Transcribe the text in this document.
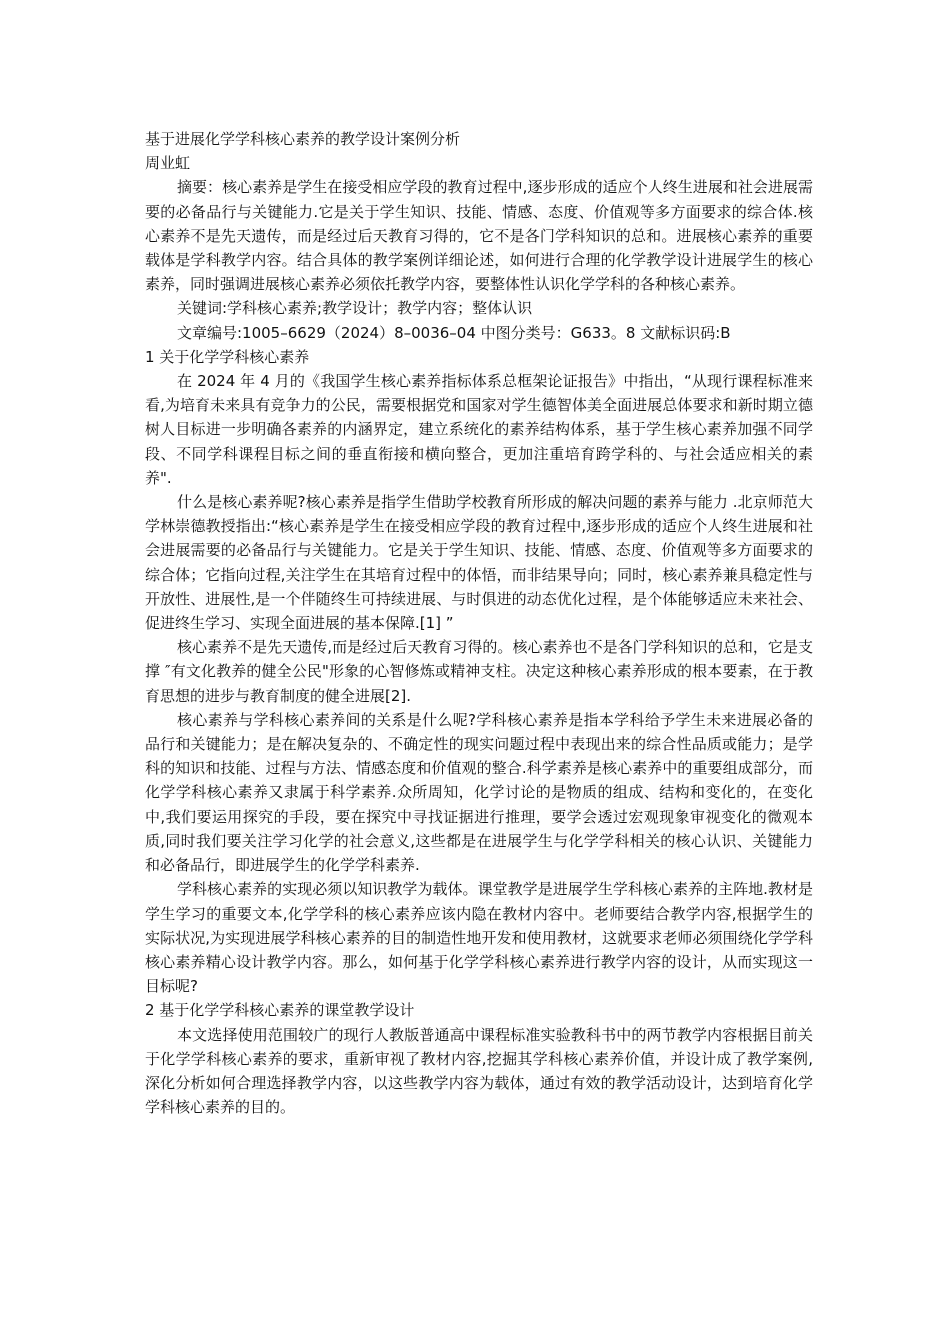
基于进展化学学科核心素养的教学设计案例分析

周业虹

摘要：核心素养是学生在接受相应学段的教育过程中,逐步形成的适应个人终生进展和社会进展需要的必备品行与关键能力.它是关于学生知识、技能、情感、态度、价值观等多方面要求的综合体.核心素养不是先天遗传，而是经过后天教育习得的，它不是各门学科知识的总和。进展核心素养的重要载体是学科教学内容。结合具体的教学案例详细论述，如何进行合理的化学教学设计进展学生的核心素养，同时强调进展核心素养必须依托教学内容，要整体性认识化学学科的各种核心素养。

关键词:学科核心素养;教学设计；教学内容；整体认识

文章编号:1005–6629（2024）8–0036–04 中图分类号：G633。8 文献标识码:B

1 关于化学学科核心素养

在 2024 年 4 月的《我国学生核心素养指标体系总框架论证报告》中指出，“从现行课程标准来看,为培育未来具有竞争力的公民，需要根据党和国家对学生德智体美全面进展总体要求和新时期立德树人目标进一步明确各素养的内涵界定，建立系统化的素养结构体系，基于学生核心素养加强不同学段、不同学科课程目标之间的垂直衔接和横向整合，更加注重培育跨学科的、与社会适应相关的素养".

什么是核心素养呢?核心素养是指学生借助学校教育所形成的解决问题的素养与能力 .北京师范大学林崇德教授指出:“核心素养是学生在接受相应学段的教育过程中,逐步形成的适应个人终生进展和社会进展需要的必备品行与关键能力。它是关于学生知识、技能、情感、态度、价值观等多方面要求的综合体；它指向过程,关注学生在其培育过程中的体悟，而非结果导向；同时，核心素养兼具稳定性与开放性、进展性,是一个伴随终生可持续进展、与时俱进的动态优化过程，是个体能够适应未来社会、促进终生学习、实现全面进展的基本保障.[1] ”

核心素养不是先天遗传,而是经过后天教育习得的。核心素养也不是各门学科知识的总和，它是支撑 ″有文化教养的健全公民"形象的心智修炼或精神支柱。决定这种核心素养形成的根本要素，在于教育思想的进步与教育制度的健全进展[2].

核心素养与学科核心素养间的关系是什么呢?学科核心素养是指本学科给予学生未来进展必备的品行和关键能力；是在解决复杂的、不确定性的现实问题过程中表现出来的综合性品质或能力；是学科的知识和技能、过程与方法、情感态度和价值观的整合.科学素养是核心素养中的重要组成部分，而化学学科核心素养又隶属于科学素养.众所周知，化学讨论的是物质的组成、结构和变化的，在变化中,我们要运用探究的手段，要在探究中寻找证据进行推理，要学会透过宏观现象审视变化的微观本质,同时我们要关注学习化学的社会意义,这些都是在进展学生与化学学科相关的核心认识、关键能力和必备品行，即进展学生的化学学科素养.

学科核心素养的实现必须以知识教学为载体。课堂教学是进展学生学科核心素养的主阵地.教材是学生学习的重要文本,化学学科的核心素养应该内隐在教材内容中。老师要结合教学内容,根据学生的实际状况,为实现进展学科核心素养的目的制造性地开发和使用教材，这就要求老师必须围绕化学学科核心素养精心设计教学内容。那么，如何基于化学学科核心素养进行教学内容的设计，从而实现这一目标呢?

2 基于化学学科核心素养的课堂教学设计

本文选择使用范围较广的现行人教版普通高中课程标准实验教科书中的两节教学内容根据目前关于化学学科核心素养的要求，重新审视了教材内容,挖掘其学科核心素养价值，并设计成了教学案例,深化分析如何合理选择教学内容，以这些教学内容为载体，通过有效的教学活动设计，达到培育化学学科核心素养的目的。
